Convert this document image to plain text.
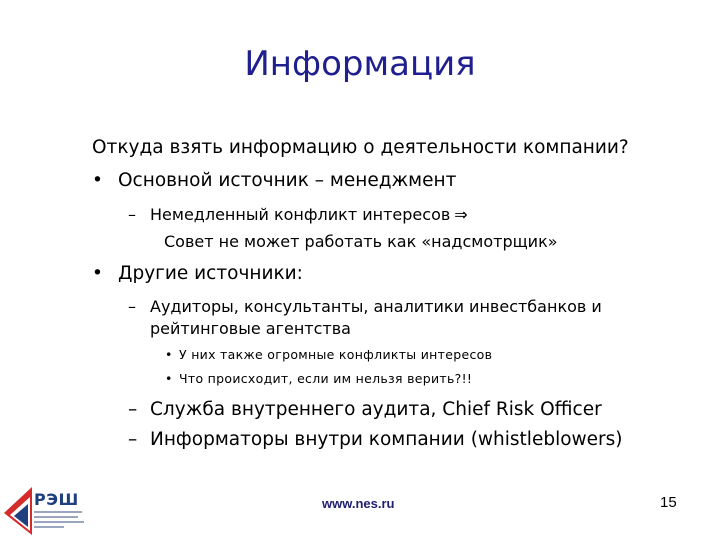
Информация
Откуда взять информацию о деятельности компании?
• Основной источник – менеджмент
– Немедленный конфликт интересов ⇒
Совет не может работать как «надсмотрщик»
• Другие источники:
– Аудиторы, консультанты, аналитики инвестбанков и
рейтинговые агентства
• У них также огромные конфликты интересов
• Что происходит, если им нельзя верить?!!
– Служба внутреннего аудита, Chief Risk Officer
– Информаторы внутри компании (whistleblowers)
РЭШ	www.nes.ru	15
